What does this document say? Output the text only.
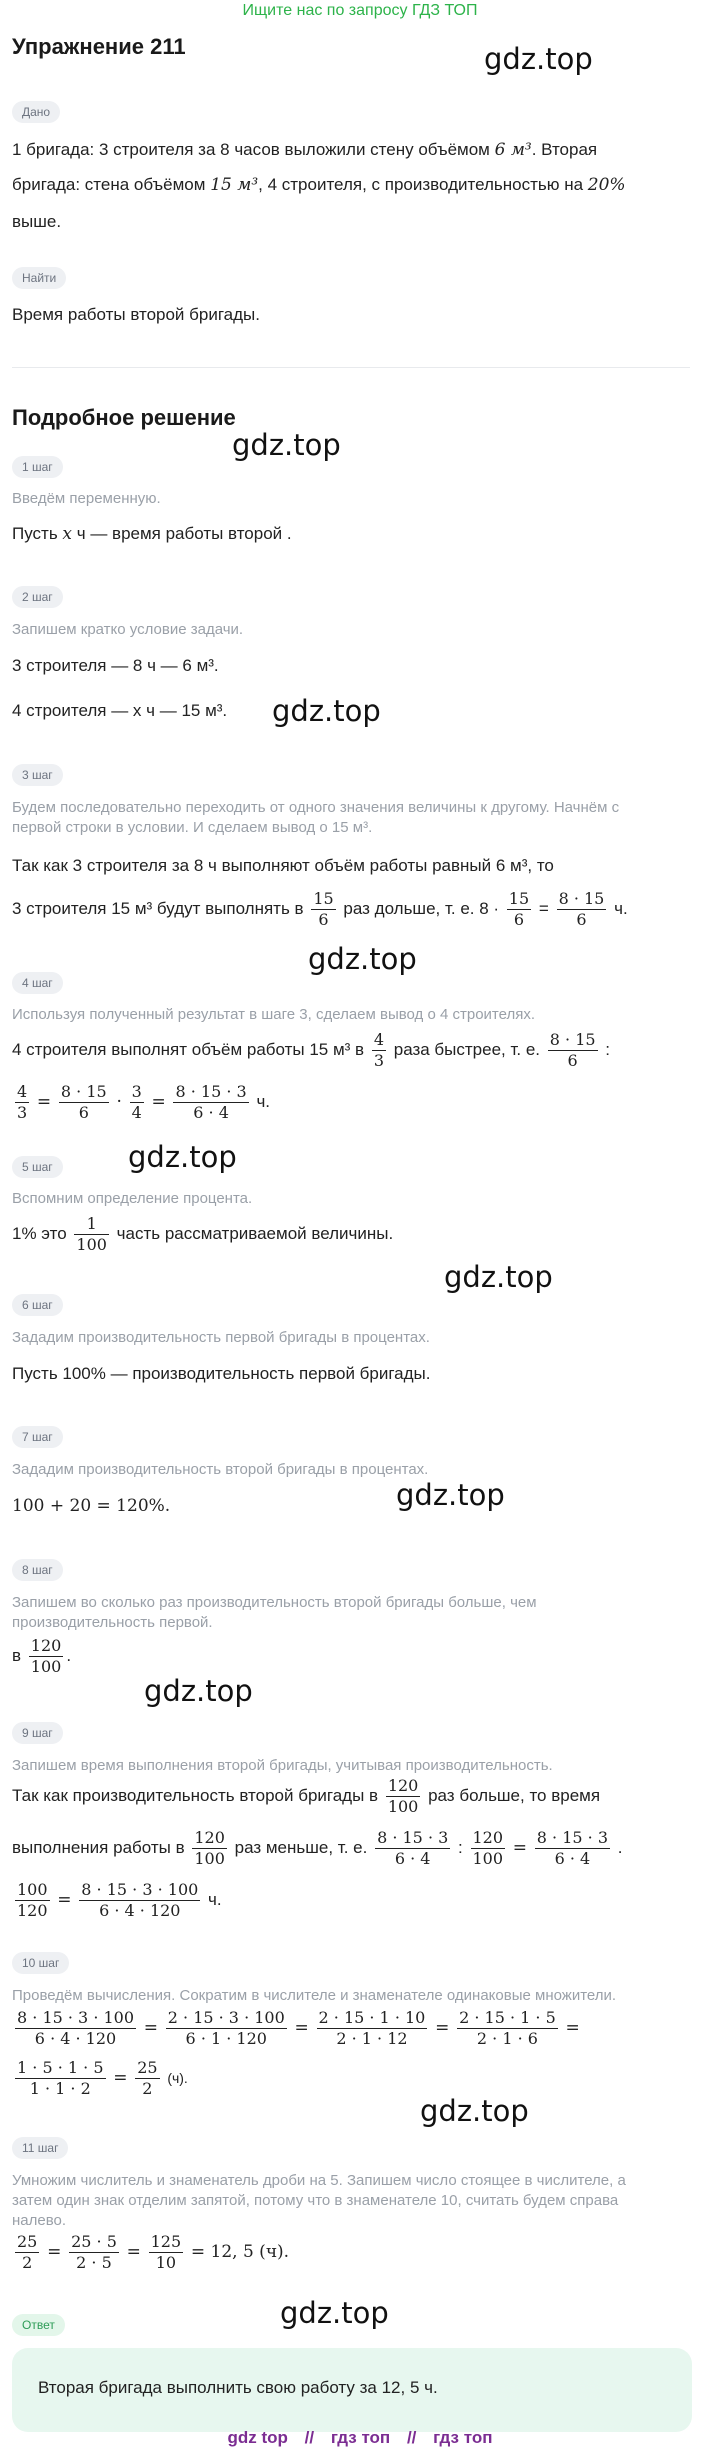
Ищите нас по запросу ГДЗ ТОП
Упражнение 211	gdz.top
gdz.top
gdz.top
gdz.top
gdz.top
gdz.top
gdz.top
gdz.top
gdz.top
gdz.top
Дано
1 бригада: 3 строителя за 8 часов выложили стену объёмом 6 м³. Вторая
бригада: стена объёмом 15 м³, 4 строителя, с производительностью на 20%
выше.
Найти
Время работы второй бригады.
Подробное решение
1 шаг
Введём переменную.
Пусть x ч — время работы второй .
2 шаг
Запишем кратко условие задачи.
3 строителя — 8 ч — 6 м³.
4 строителя — x ч — 15 м³.
3 шаг
Будем последовательно переходить от одного значения величины к другому. Начнём с
первой строки в условии. И сделаем вывод о 15 м³.
Так как 3 строителя за 8 ч выполняют объём работы равный 6 м³, то
3 строителя 15 м³ будут выполнять в $\frac{15}{6}$ раз дольше, т. е. $8 \cdot \frac{15}{6} = \frac{8 \cdot 15}{6} ч$.
4 шаг
Используя полученный результат в шаге 3, сделаем вывод о 4 строителях.
4 строителя выполнят объём работы 15 м³ в $\frac{4}{3}$ раза быстрее, т. е. $\frac{8 \cdot 15}{6}$ :
$\frac{4}{3} = \frac{8 \cdot 15}{6} \cdot \frac{3}{4} = \frac{8 \cdot 15 \cdot 3}{6 \cdot 4} ч$.
5 шаг
Вспомним определение процента.
1% это $\frac{1}{100}$ часть рассматриваемой величины.
6 шаг
Зададим производительность первой бригады в процентах.
Пусть 100% — производительность первой бригады.
7 шаг
Зададим производительность второй бригады в процентах.
100 + 20 = 120%.
8 шаг
Запишем во сколько раз производительность второй бригады больше, чем
производительность первой.
в $\frac{120}{100}$ .
9 шаг
Запишем время выполнения второй бригады, учитывая производительность.
Так как производительность второй бригады в $\frac{120}{100}$ раз больше, то время
выполнения работы в $\frac{120}{100}$ раз меньше, т. е. $\frac{8 \cdot 15 \cdot 3}{6 \cdot 4}$ : $\frac{120}{100} = \frac{8 \cdot 15 \cdot 3}{6 \cdot 4}$ .
$\frac{100}{120} = \frac{8 \cdot 15 \cdot 3 \cdot 100}{6 \cdot 4 \cdot 120} ч$.
10 шаг
Проведём вычисления. Сократим в числителе и знаменателе одинаковые множители.
$\frac{8 \cdot 15 \cdot 3 \cdot 100}{6 \cdot 4 \cdot 120} = \frac{2 \cdot 15 \cdot 3 \cdot 100}{6 \cdot 1 \cdot 120} = \frac{2 \cdot 15 \cdot 1 \cdot 10}{2 \cdot 1 \cdot 12} = \frac{2 \cdot 15 \cdot 1 \cdot 5}{2 \cdot 1 \cdot 6}$ =
$\frac{1 \cdot 5 \cdot 1 \cdot 5}{1 \cdot 1 \cdot 2} = \frac{25}{2} (ч)$.
11 шаг
Умножим числитель и знаменатель дроби на 5. Запишем число стоящее в числителе, а
затем один знак отделим запятой, потому что в знаменателе 10, считать будем справа
налево.
$\frac{25}{2} = \frac{25 \cdot 5}{2 \cdot 5} = \frac{125}{10} = 12$, 5 (ч).
Ответ
Вторая бригада выполнить свою работу за 12, 5 ч.
gdz top // гдз топ // гдз топ
